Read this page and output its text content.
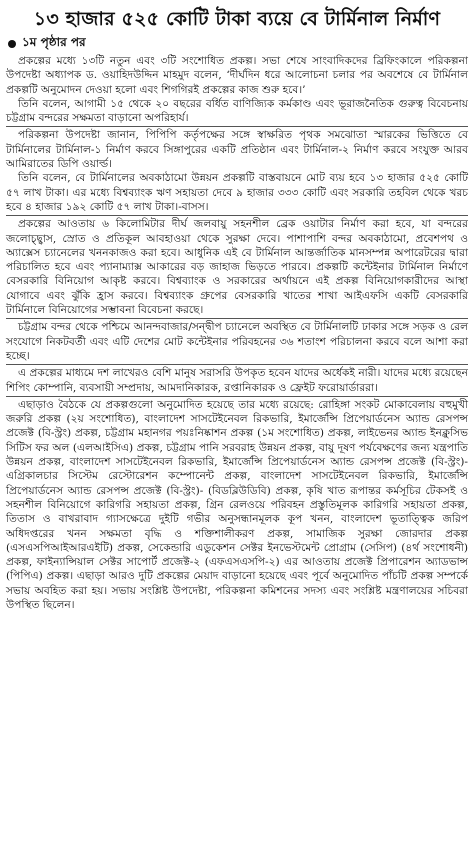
১৩ হাজার ৫২৫ কোটি টাকা ব্যয়ে বে টার্মিনাল নির্মাণ
১ম পৃষ্ঠার পর

প্রকল্পের মধ্যে ১৩টি নতুন এবং ৩টি সংশোধিত প্রকল্প। সভা শেষে সাংবাদিকদের ব্রিফিংকালে পরিকল্পনা উপদেষ্টা অধ্যাপক ড. ওয়াহিদউদ্দিন মাহমুদ বলেন, ‘দীর্ঘদিন ধরে আলোচনা চলার পর অবশেষে বে টার্মিনাল প্রকল্পটি অনুমোদন দেওয়া হলো এবং শিগগিরই প্রকল্পের কাজ শুরু হবে।’

তিনি বলেন, আগামী ১৫ থেকে ২০ বছরের বর্ধিত বাণিজ্যিক কর্মকাণ্ড এবং ভূরাজনৈতিক গুরুত্ব বিবেচনায় চট্টগ্রাম বন্দরের সক্ষমতা বাড়ানো অপরিহার্য।

পরিকল্পনা উপদেষ্টা জানান, পিপিপি কর্তৃপক্ষের সঙ্গে স্বাক্ষরিত পৃথক সমঝোতা স্মারকের ভিত্তিতে বে টার্মিনালের টার্মিনাল-১ নির্মাণ করবে সিঙ্গাপুরের একটি প্রতিষ্ঠান এবং টার্মিনাল-২ নির্মাণ করবে সংযুক্ত আরব আমিরাতের ডিপি ওয়ার্ল্ড।

তিনি বলেন, বে টার্মিনালের অবকাঠামো উন্নয়ন প্রকল্পটি বাস্তবায়নে মোট ব্যয় হবে ১৩ হাজার ৫২৫ কোটি ৫৭ লাখ টাকা। এর মধ্যে বিশ্বব্যাংক ঋণ সহায়তা দেবে ৯ হাজার ৩৩৩ কোটি এবং সরকারি তহবিল থেকে খরচ হবে ৪ হাজার ১৯২ কোটি ৫৭ লাখ টাকা।-বাসস।

প্রকল্পের আওতায় ৬ কিলোমিটার দীর্ঘ জলবায়ু সহনশীল ব্রেক ওয়াটার নির্মাণ করা হবে, যা বন্দরের জলোচ্ছ্বাস, স্রোত ও প্রতিকূল আবহাওয়া থেকে সুরক্ষা দেবে। পাশাপাশি বন্দর অবকাঠামো, প্রবেশপথ ও অ্যাক্সেস চ্যানেলের খননকাজও করা হবে। আধুনিক এই বে টার্মিনাল আন্তর্জাতিক মানসম্পন্ন অপারেটরের দ্বারা পরিচালিত হবে এবং প্যানাম্যাক্স আকারের বড় জাহাজ ভিড়তে পারবে। প্রকল্পটি কন্টেইনার টার্মিনাল নির্মাণে বেসরকারি বিনিয়োগ আকৃষ্ট করবে। বিশ্বব্যাংক ও সরকারের অর্থায়নে এই প্রকল্প বিনিয়োগকারীদের আস্থা যোগাবে এবং ঝুঁকি হ্রাস করবে। বিশ্বব্যাংক গ্রুপের বেসরকারি খাতের শাখা আইএফসি একটি বেসরকারি টার্মিনালে বিনিয়োগের সম্ভাবনা বিবেচনা করছে।

চট্টগ্রাম বন্দর থেকে পশ্চিমে আনন্দবাজার/সন্দ্বীপ চ্যানেলে অবস্থিত বে টার্মিনালটি ঢাকার সঙ্গে সড়ক ও রেল সংযোগে নিকটবর্তী এবং এটি দেশের মোট কন্টেইনার পরিবহনের ৩৬ শতাংশ পরিচালনা করবে বলে আশা করা হচ্ছে।

এ প্রকল্পের মাধ্যমে দশ লাখেরও বেশি মানুষ সরাসরি উপকৃত হবেন যাদের অর্ধেকই নারী। যাদের মধ্যে রয়েছেন শিপিং কোম্পানি, ব্যবসায়ী সম্প্রদায়, আমদানিকারক, রপ্তানিকারক ও ফ্রেইট ফরোয়ার্ডাররা।

এছাড়াও বৈঠকে যে প্রকল্পগুলো অনুমোদিত হয়েছে তার মধ্যে রয়েছে: রোহিঙ্গা সংকট মোকাবেলায় বহুমুখী জরুরি প্রকল্প (২য় সংশোধিত), বাংলাদেশ সাসটেইনেবল রিকভারি, ইমার্জেন্সি প্রিপেয়ার্ডনেস অ্যান্ড রেসপন্স প্রজেক্ট (বি-স্ট্রং) প্রকল্প, চট্টগ্রাম মহানগর পয়ঃনিষ্কাশন প্রকল্প (১ম সংশোধিত) প্রকল্প, লাইভেনর অ্যান্ড ইনক্লুসিভ সিটিস ফর অল (এলআইসিএ) প্রকল্প, চট্টগ্রাম পানি সরবরাহ উন্নয়ন প্রকল্প, বায়ু দূষণ পর্যবেক্ষণের জন্য যন্ত্রপাতি উন্নয়ন প্রকল্প, বাংলাদেশ সাসটেইনেবল রিকভারি, ইমার্জেন্সি প্রিপেয়ার্ডনেস অ্যান্ড রেসপন্স প্রজেক্ট (বি-স্ট্রং)- এগ্রিকালচার সিস্টেম রেস্টোরেশন কম্পোনেন্ট প্রকল্প, বাংলাদেশ সাসটেইনেবল রিকভারি, ইমার্জেন্সি প্রিপেয়ার্ডনেস অ্যান্ড রেসপন্স প্রজেক্ট (বি-স্ট্রং)- (বিডব্লিউডিবি) প্রকল্প, কৃষি খাত রূপান্তর কর্মসূচির টেকসই ও সহনশীল বিনিয়োগে কারিগরি সহায়তা প্রকল্প, গ্রিন রেলওয়ে পরিবহন প্রস্তুতিমূলক কারিগরি সহায়তা প্রকল্প, তিতাস ও বাখরাবাদ গ্যাসক্ষেত্রে দুইটি গভীর অনুসন্ধানমূলক কূপ খনন, বাংলাদেশ ভূতাত্ত্বিক জরিপ অধিদপ্তরের খনন সক্ষমতা বৃদ্ধি ও শক্তিশালীকরণ প্রকল্প, সামাজিক সুরক্ষা জোরদার প্রকল্প (এসএসপিআইআরএইটি) প্রকল্প, সেকেন্ডারি এডুকেশন সেক্টর ইনভেস্টমেন্ট প্রোগ্রাম (সেসিপ) (৪র্থ সংশোধনী) প্রকল্প, ফাইন্যান্সিয়াল সেক্টর সাপোর্ট প্রজেক্ট-২ (এফএসএসপি-২) এর আওতায় প্রজেক্ট প্রিপারেশন অ্যাডভান্স (পিপিএ) প্রকল্প। এছাড়া আরও দুটি প্রকল্পের মেয়াদ বাড়ানো হয়েছে এবং পূর্বে অনুমোদিত পাঁচটি প্রকল্প সম্পর্কে সভায় অবহিত করা হয়। সভায় সংশ্লিষ্ট উপদেষ্টা, পরিকল্পনা কমিশনের সদস্য এবং সংশ্লিষ্ট মন্ত্রণালয়ের সচিবরা উপস্থিত ছিলেন।
